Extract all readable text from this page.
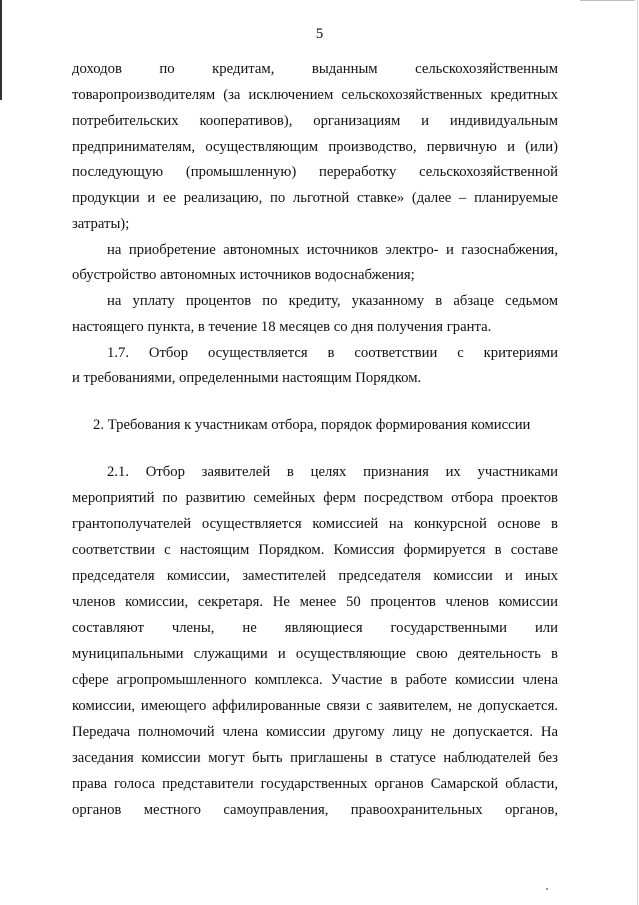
5

доходов по кредитам, выданным сельскохозяйственным

товаропроизводителям (за исключением сельскохозяйственных кредитных

потребительских кооперативов), организациям и индивидуальным

предпринимателям, осуществляющим производство, первичную и (или)

последующую (промышленную) переработку сельскохозяйственной

продукции и ее реализацию, по льготной ставке» (далее – планируемые

затраты);

на приобретение автономных источников электро- и газоснабжения,

обустройство автономных источников водоснабжения;

на уплату процентов по кредиту, указанному в абзаце седьмом

настоящего пункта, в течение 18 месяцев со дня получения гранта.

1.7. Отбор осуществляется в соответствии с критериями

и требованиями, определенными настоящим Порядком.

2. Требования к участникам отбора, порядок формирования комиссии

2.1. Отбор заявителей в целях признания их участниками

мероприятий по развитию семейных ферм посредством отбора проектов

грантополучателей осуществляется комиссией на конкурсной основе в

соответствии с настоящим Порядком. Комиссия формируется в составе

председателя комиссии, заместителей председателя комиссии и иных

членов комиссии, секретаря. Не менее 50 процентов членов комиссии

составляют члены, не являющиеся государственными или

муниципальными служащими и осуществляющие свою деятельность в

сфере агропромышленного комплекса. Участие в работе комиссии члена

комиссии, имеющего аффилированные связи с заявителем, не допускается.

Передача полномочий члена комиссии другому лицу не допускается. На

заседания комиссии могут быть приглашены в статусе наблюдателей без

права голоса представители государственных органов Самарской области,

органов местного самоуправления, правоохранительных органов,
